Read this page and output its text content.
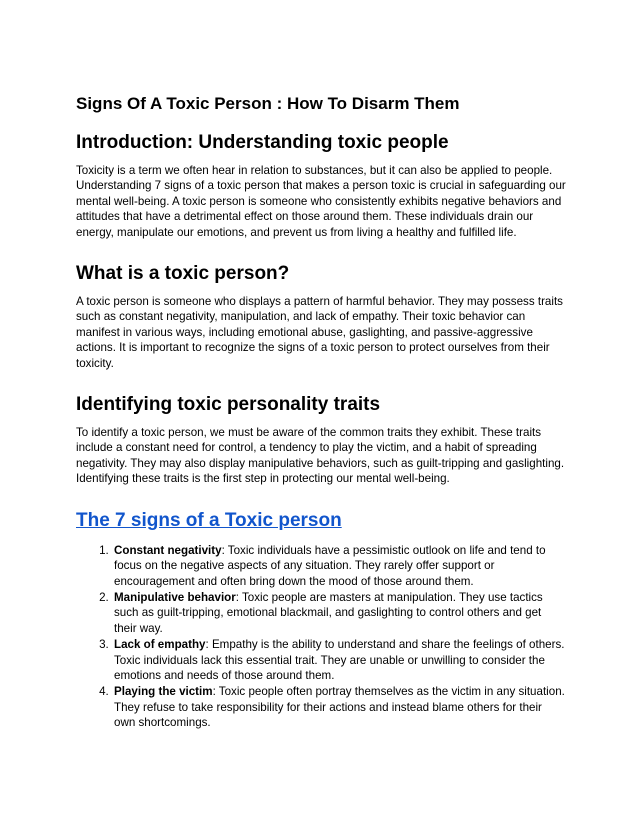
Signs Of A Toxic Person : How To Disarm Them
Introduction: Understanding toxic people

Toxicity is a term we often hear in relation to substances, but it can also be applied to people. Understanding 7 signs of a toxic person that makes a person toxic is crucial in safeguarding our mental well-being. A toxic person is someone who consistently exhibits negative behaviors and attitudes that have a detrimental effect on those around them. These individuals drain our energy, manipulate our emotions, and prevent us from living a healthy and fulfilled life.

What is a toxic person?

A toxic person is someone who displays a pattern of harmful behavior. They may possess traits such as constant negativity, manipulation, and lack of empathy. Their toxic behavior can manifest in various ways, including emotional abuse, gaslighting, and passive-aggressive actions. It is important to recognize the signs of a toxic person to protect ourselves from their toxicity.

Identifying toxic personality traits

To identify a toxic person, we must be aware of the common traits they exhibit. These traits include a constant need for control, a tendency to play the victim, and a habit of spreading negativity. They may also display manipulative behaviors, such as guilt-tripping and gaslighting. Identifying these traits is the first step in protecting our mental well-being.

The 7 signs of a Toxic person
1. Constant negativity: Toxic individuals have a pessimistic outlook on life and tend to focus on the negative aspects of any situation. They rarely offer support or encouragement and often bring down the mood of those around them.
2. Manipulative behavior: Toxic people are masters at manipulation. They use tactics such as guilt-tripping, emotional blackmail, and gaslighting to control others and get their way.
3. Lack of empathy: Empathy is the ability to understand and share the feelings of others. Toxic individuals lack this essential trait. They are unable or unwilling to consider the emotions and needs of those around them.
4. Playing the victim: Toxic people often portray themselves as the victim in any situation. They refuse to take responsibility for their actions and instead blame others for their own shortcomings.
